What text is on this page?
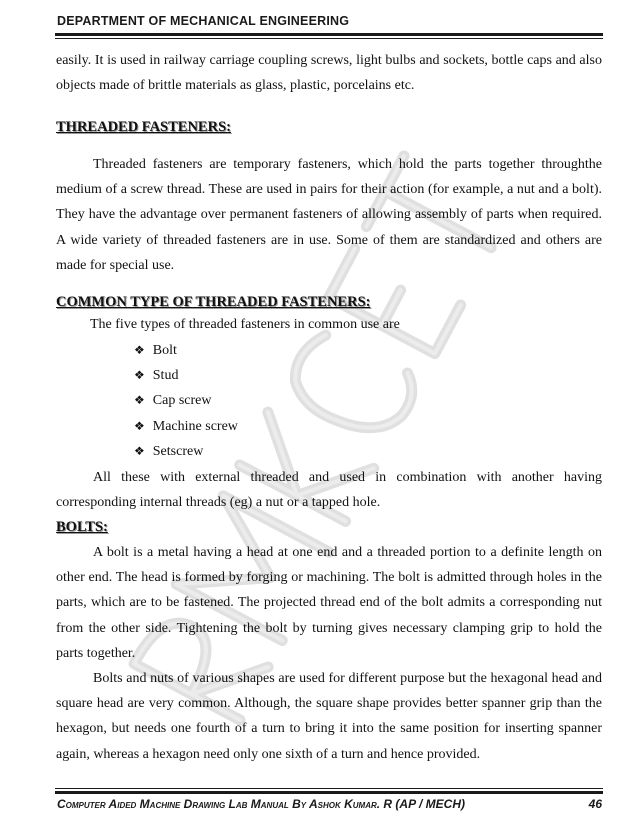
DEPARTMENT OF MECHANICAL ENGINEERING
easily. It is used in railway carriage coupling screws, light bulbs and sockets, bottle caps and also objects made of brittle materials as glass, plastic, porcelains etc.
THREADED FASTENERS:
Threaded fasteners are temporary fasteners, which hold the parts together throughthe medium of a screw thread. These are used in pairs for their action (for example, a nut and a bolt). They have the advantage over permanent fasteners of allowing assembly of parts when required. A wide variety of threaded fasteners are in use. Some of them are standardized and others are made for special use.
COMMON TYPE OF THREADED FASTENERS:
The five types of threaded fasteners in common use are
❖ Bolt
❖ Stud
❖ Cap screw
❖ Machine screw
❖ Setscrew
All these with external threaded and used in combination with another having corresponding internal threads (eg) a nut or a tapped hole.
BOLTS:
A bolt is a metal having a head at one end and a threaded portion to a definite length on other end. The head is formed by forging or machining. The bolt is admitted through holes in the parts, which are to be fastened. The projected thread end of the bolt admits a corresponding nut from the other side. Tightening the bolt by turning gives necessary clamping grip to hold the parts together.
Bolts and nuts of various shapes are used for different purpose but the hexagonal head and square head are very common. Although, the square shape provides better spanner grip than the hexagon, but needs one fourth of a turn to bring it into the same position for inserting spanner again, whereas a hexagon need only one sixth of a turn and hence provided.
Computer Aided Machine Drawing Lab Manual By Ashok Kumar. R (AP / MECH)	46
